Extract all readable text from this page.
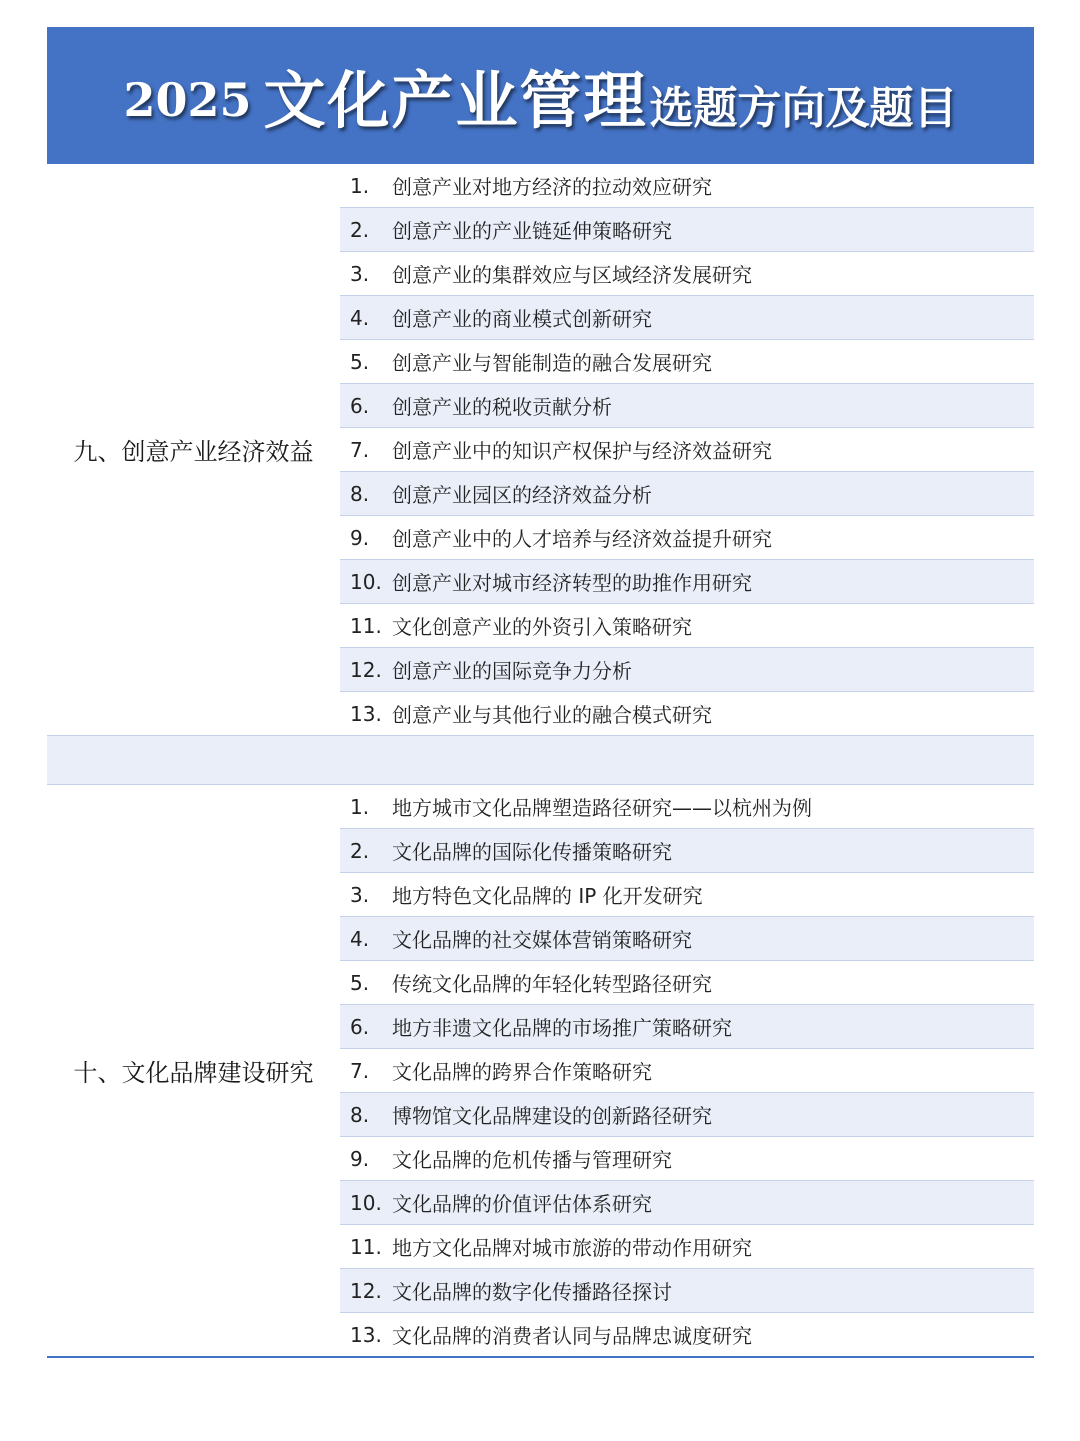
2025 文化产业管理 选题方向及题目
九、创意产业经济效益
1.	创意产业对地方经济的拉动效应研究
2.	创意产业的产业链延伸策略研究
3.	创意产业的集群效应与区域经济发展研究
4.	创意产业的商业模式创新研究
5.	创意产业与智能制造的融合发展研究
6.	创意产业的税收贡献分析
7.	创意产业中的知识产权保护与经济效益研究
8.	创意产业园区的经济效益分析
9.	创意产业中的人才培养与经济效益提升研究
10. 创意产业对城市经济转型的助推作用研究
11. 文化创意产业的外资引入策略研究
12. 创意产业的国际竞争力分析
13. 创意产业与其他行业的融合模式研究
十、文化品牌建设研究
1.	地方城市文化品牌塑造路径研究——以杭州为例
2.	文化品牌的国际化传播策略研究
3.	地方特色文化品牌的 IP 化开发研究
4.	文化品牌的社交媒体营销策略研究
5.	传统文化品牌的年轻化转型路径研究
6.	地方非遗文化品牌的市场推广策略研究
7.	文化品牌的跨界合作策略研究
8.	博物馆文化品牌建设的创新路径研究
9.	文化品牌的危机传播与管理研究
10. 文化品牌的价值评估体系研究
11. 地方文化品牌对城市旅游的带动作用研究
12. 文化品牌的数字化传播路径探讨
13. 文化品牌的消费者认同与品牌忠诚度研究
